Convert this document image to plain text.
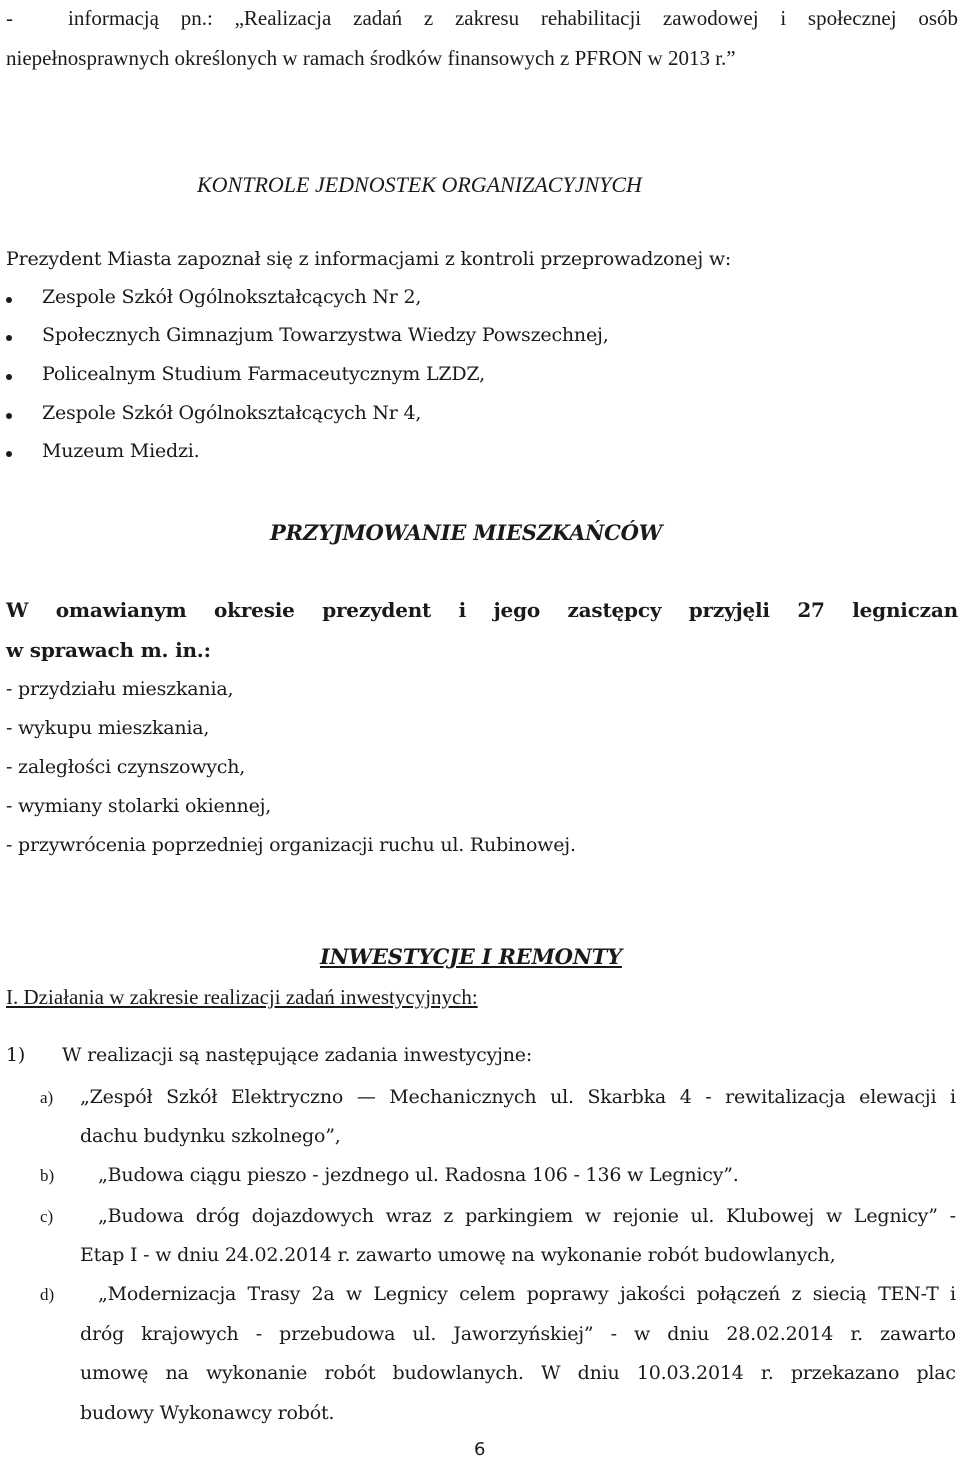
-	informacją pn.: „Realizacja zadań z zakresu rehabilitacji zawodowej i społecznej osób
niepełnosprawnych określonych w ramach środków finansowych z PFRON w 2013 r.”
KONTROLE JEDNOSTEK ORGANIZACYJNYCH
Prezydent Miasta zapoznał się z informacjami z kontroli przeprowadzonej w:
Zespole Szkół Ogólnokształcących Nr 2,
Społecznych Gimnazjum Towarzystwa Wiedzy Powszechnej,
Policealnym Studium Farmaceutycznym LZDZ,
Zespole Szkół Ogólnokształcących Nr 4,
Muzeum Miedzi.
PRZYJMOWANIE MIESZKAŃCÓW
W omawianym okresie prezydent i jego zastępcy przyjęli 27 legniczan
w sprawach m. in.:
- przydziału mieszkania,
- wykupu mieszkania,
- zaległości czynszowych,
- wymiany stolarki okiennej,
- przywrócenia poprzedniej organizacji ruchu ul. Rubinowej.
INWESTYCJE I REMONTY
I. Działania w zakresie realizacji zadań inwestycyjnych:
1) W realizacji są następujące zadania inwestycyjne:
a) „Zespół Szkół Elektryczno — Mechanicznych ul. Skarbka 4 - rewitalizacja elewacji i
dachu budynku szkolnego”,
b) „Budowa ciągu pieszo - jezdnego ul. Radosna 106 - 136 w Legnicy”.
c) „Budowa dróg dojazdowych wraz z parkingiem w rejonie ul. Klubowej w Legnicy” -
Etap I - w dniu 24.02.2014 r. zawarto umowę na wykonanie robót budowlanych,
d) „Modernizacja Trasy 2a w Legnicy celem poprawy jakości połączeń z siecią TEN-T i
dróg krajowych - przebudowa ul. Jaworzyńskiej” - w dniu 28.02.2014 r. zawarto
umowę na wykonanie robót budowlanych. W dniu 10.03.2014 r. przekazano plac
budowy Wykonawcy robót.
6
